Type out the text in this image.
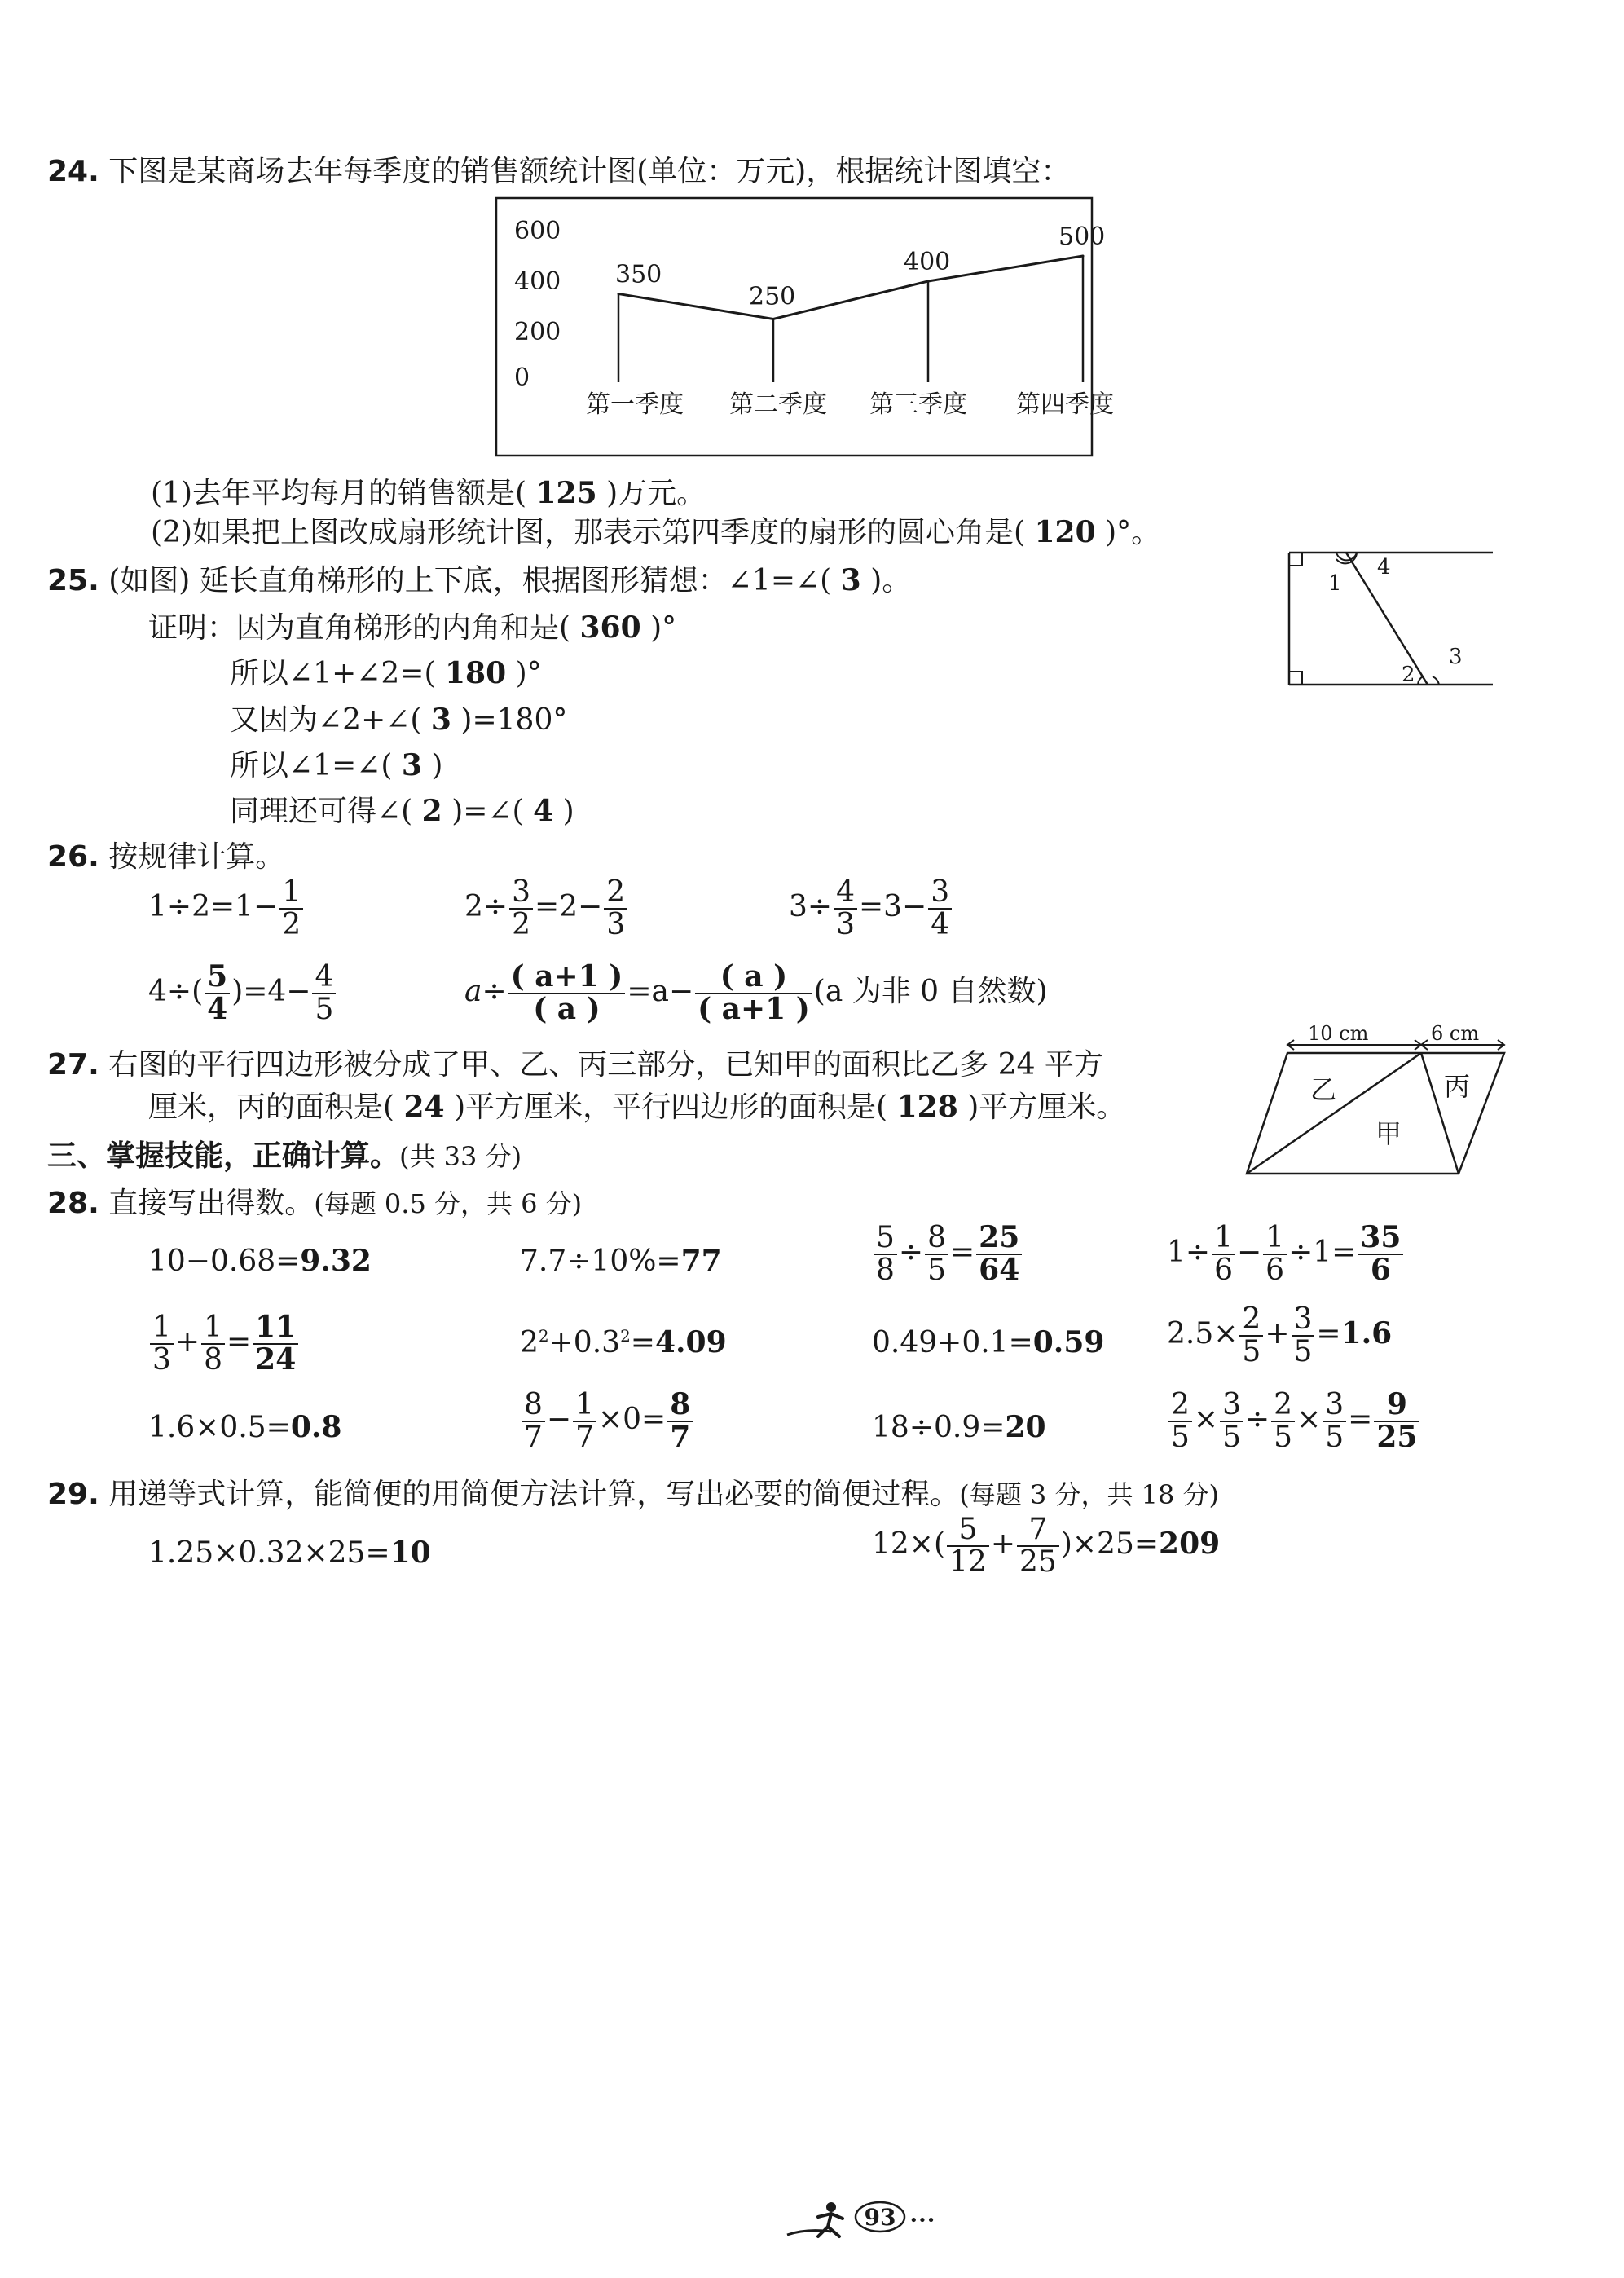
24. 下图是某商场去年每季度的销售额统计图(单位：万元)，根据统计图填空：
0
200
400
600
350
250
400
500
第一季度 第二季度 第三季度 第四季度
(1)去年平均每月的销售额是( 125 )万元。
(2)如果把上图改成扇形统计图，那表示第四季度的扇形的圆心角是( 120 )°。
25. (如图) 延长直角梯形的上下底，根据图形猜想：∠1=∠( 3 )。
证明：因为直角梯形的内角和是( 360 )°
所以∠1+∠2=( 180 )°
又因为∠2+∠( 3 )=180°
所以∠1=∠( 3 )
同理还可得∠( 2 )=∠( 4 )
1
2
3
4
26. 按规律计算。
$1\div 2=1- \frac{1}{2}$	$2\div \frac{3}{2} =2- \frac{2}{3}$	$3\div \frac{4}{3} =3- \frac{3}{4}$
$4\div( \frac{5}{4} )=4- \frac{4}{5}$	$a\div \frac{( a+1 )}{( a )} =a- \frac{( a )}{( a+1 )} (a$ 为非 0 自然数)
27. 右图的平行四边形被分成了甲、乙、丙三部分，已知甲的面积比乙多 24 平方
厘米，丙的面积是( 24 )平方厘米，平行四边形的面积是( 128 )平方厘米。
10 cm	6 cm
乙
甲
丙
三、掌握技能，正确计算。(共 33 分)
28. 直接写出得数。(每题 0.5 分，共 6 分)
10−0.68=9.32	7.7÷10%=77	$\frac{5}{8} \div \frac{8}{5} = \frac{25}{64}$	$1\div \frac{1}{6} - \frac{1}{6} \div 1= \frac{35}{6}$
$\frac{1}{3} + \frac{1}{8} = \frac{11}{24}$	$2^2+0.3^2=4.09$	0.49+0.1=0.59 $2.5\times \frac{2}{5} + \frac{3}{5} =1.6$
1.6×0.5=0.8	$\frac{8}{7} - \frac{1}{7} \times 0= \frac{8}{7}$	18÷0.9=20	$\frac{2}{5} \times \frac{3}{5} \div \frac{2}{5} \times \frac{3}{5} = \frac{9}{25}$
29. 用递等式计算，能简便的用简便方法计算，写出必要的简便过程。(每题 3 分，共 18 分)
1.25×0.32×25=10	$12\times( \frac{5}{12} + \frac{7}{25} )\times 25=209$
93 •••
